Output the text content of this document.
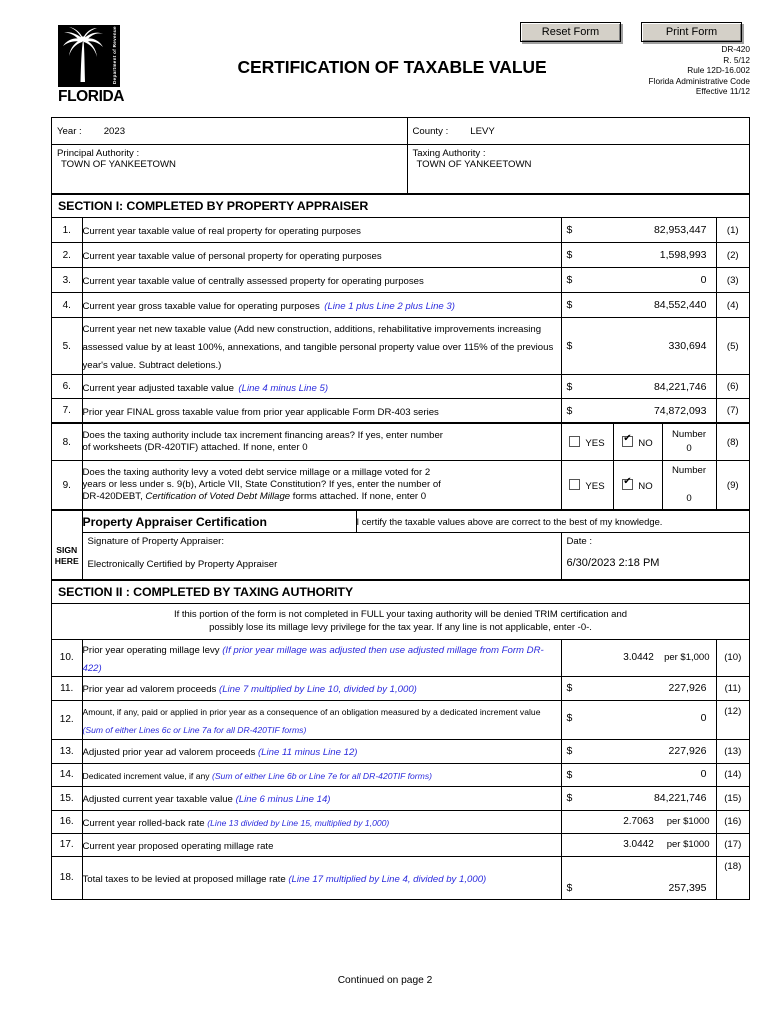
Reset Form	Print Form
Department of Revenue
FLORIDA
CERTIFICATION OF TAXABLE VALUE
DR-420
R. 5/12
Rule 12D-16.002
Florida Administrative Code
Effective 11/12
Year : 2023	County : LEVY

Principal Authority :
TOWN OF YANKEETOWN

Taxing Authority :
TOWN OF YANKEETOWN
SECTION I: COMPLETED BY PROPERTY APPRAISER
1.	Current year taxable value of real property for operating purposes	$ 82,953,447	(1)
2.	Current year taxable value of personal property for operating purposes	$ 1,598,993	(2)
3.	Current year taxable value of centrally assessed property for operating purposes	$ 0	(3)
4.	Current year gross taxable value for operating purposes (Line 1 plus Line 2 plus Line 3)	$ 84,552,440	(4)
5.	Current year net new taxable value (Add new construction, additions, rehabilitative improvements increasing assessed value by at least 100%, annexations, and tangible personal property value over 115% of the previous year's value. Subtract deletions.)	$ 330,694	(5)
6.	Current year adjusted taxable value (Line 4 minus Line 5)	$ 84,221,746	(6)
7.	Prior year FINAL gross taxable value from prior year applicable Form DR-403 series	$ 74,872,093	(7)
8.	
Does the taxing authority include tax increment financing areas? If yes, enter number
of worksheets (DR-420TIF) attached. If none, enter 0	YES	✔NO	
Number
0
	(8)
9.	
Does the taxing authority levy a voted debt service millage or a millage voted for 2
years or less under s. 9(b), Article VII, State Constitution? If yes, enter the number of
DR-420DEBT, Certification of Voted Debt Millage forms attached. If none, enter 0
	YES	✔NO	
Number
0
	(9)
	Property Appraiser Certification	I certify the taxable values above are correct to the best of my knowledge.	

SIGN
HERE

Signature of Property Appraiser:
Electronically Certified by Property Appraiser

Date :
6/30/2023 2:18 PM
SECTION II : COMPLETED BY TAXING AUTHORITY
If this portion of the form is not completed in FULL your taxing authority will be denied TRIM certification and
possibly lose its millage levy privilege for the tax year. If any line is not applicable, enter -0-.
10.	Prior year operating millage levy (If prior year millage was adjusted then use adjusted millage from Form DR-422)	3.0442 per $1,000	(10)
11.	Prior year ad valorem proceeds (Line 7 multiplied by Line 10, divided by 1,000)	$ 227,926	(11)
12.	Amount, if any, paid or applied in prior year as a consequence of an obligation measured by a dedicated increment value (Sum of either Lines 6c or Line 7a for all DR-420TIF forms)	$ 0	(12)
13.	Adjusted prior year ad valorem proceeds (Line 11 minus Line 12)	$ 227,926	(13)
14.	Dedicated increment value, if any (Sum of either Line 6b or Line 7e for all DR-420TIF forms)	$ 0	(14)
15.	Adjusted current year taxable value (Line 6 minus Line 14)	$ 84,221,746	(15)
16.	Current year rolled-back rate (Line 13 divided by Line 15, multiplied by 1,000)	2.7063 per $1000	(16)
17.	Current year proposed operating millage rate	3.0442 per $1000	(17)
18.	Total taxes to be levied at proposed millage rate (Line 17 multiplied by Line 4, divided by 1,000)	$ 257,395	(18)
Continued on page 2
